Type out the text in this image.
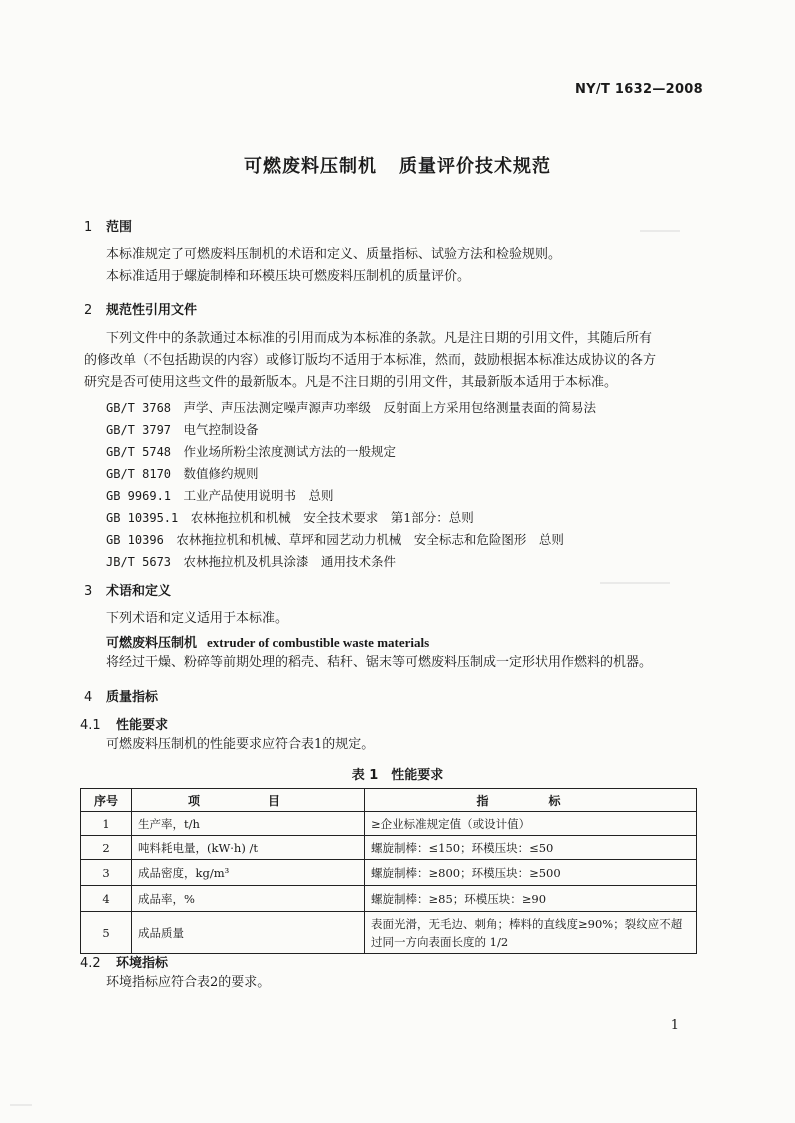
NY/T 1632—2008
可燃废料压制机 质量评价技术规范
1 范围
本标准规定了可燃废料压制机的术语和定义、质量指标、试验方法和检验规则。
本标准适用于螺旋制棒和环模压块可燃废料压制机的质量评价。
2 规范性引用文件
下列文件中的条款通过本标准的引用而成为本标准的条款。凡是注日期的引用文件，其随后所有
的修改单（不包括勘误的内容）或修订版均不适用于本标准，然而，鼓励根据本标准达成协议的各方
研究是否可使用这些文件的最新版本。凡是不注日期的引用文件，其最新版本适用于本标准。
GB/T 3768　 声学、声压法测定噪声源声功率级　反射面上方采用包络测量表面的简易法
GB/T 3797　 电气控制设备
GB/T 5748　 作业场所粉尘浓度测试方法的一般规定
GB/T 8170　 数值修约规则
GB 9969.1　 工业产品使用说明书　总则
GB 10395.1　 农林拖拉机和机械　安全技术要求　第1部分：总则
GB 10396　 农林拖拉机和机械、草坪和园艺动力机械　安全标志和危险图形　总则
JB/T 5673　 农林拖拉机及机具涂漆　通用技术条件
3 术语和定义
下列术语和定义适用于本标准。
可燃废料压制机 extruder of combustible waste materials
将经过干燥、粉碎等前期处理的稻壳、秸秆、锯末等可燃废料压制成一定形状用作燃料的机器。
4 质量指标
4.1 性能要求
可燃废料压制机的性能要求应符合表1的规定。
表 1　性能要求
序号	项　目	指　标
1	生产率，t/h	≥企业标准规定值（或设计值）
2	吨料耗电量，(kW·h) /t	螺旋制棒：≤150；环模压块：≤50
3	成品密度，kg/m³	螺旋制棒：≥800；环模压块：≥500
4	成品率，%	螺旋制棒：≥85；环模压块：≥90
5	成品质量	表面光滑，无毛边、刺角；棒料的直线度≥90%；裂纹应不超过同一方向表面长度的 1/2
4.2 环境指标
环境指标应符合表2的要求。
1
